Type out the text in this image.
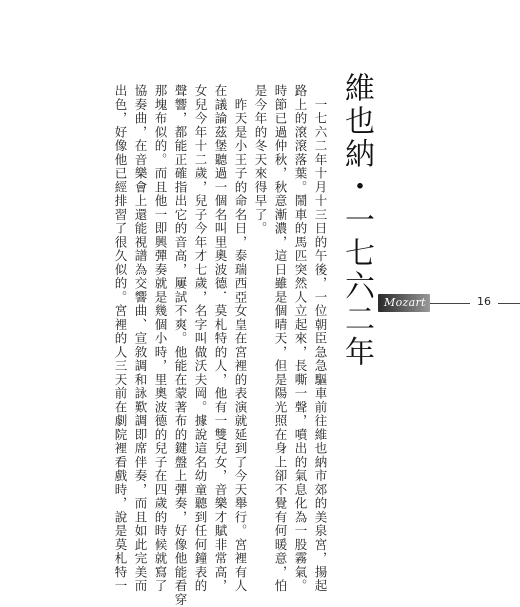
Mozart	16
維也納・一七六二年
　一七六二年十月十三日的午後，一位朝臣急急驅車前往維也納市郊的美泉宮，揚起
路上的滾滾落葉。鬧車的馬匹突然人立起來，長嘶一聲，噴出的氣息化為一股霧氣。
時節已過仲秋，秋意漸濃，這日雖是個晴天，但是陽光照在身上卻不覺有何暖意，怕
是今年的冬天來得早了。
　昨天是小王子的命名日，泰瑞西亞女皇在宮裡的表演就延到了今天舉行。宮裡有人
在議論茲堡聽過一個名叫里奧波德．莫札特的人，他有一雙兒女，音樂才賦非常高，
女兒今年十二歲，兒子今年才七歲，名字叫做沃夫岡。據說這名幼童聽到任何鐘表的
聲響，都能正確指出它的音高，屢試不爽。他能在蒙著布的鍵盤上彈奏，好像他能看穿
那塊布似的。而且他一即興彈奏就是幾個小時，里奧波德的兒子在四歲的時候就寫了
協奏曲，在音樂會上還能視譜為交響曲、宣敘調和詠歎調即席伴奏，而且如此完美而
出色，好像他已經排習了很久似的。宮裡的人三天前在劇院裡看戲時，說是莫札特一
